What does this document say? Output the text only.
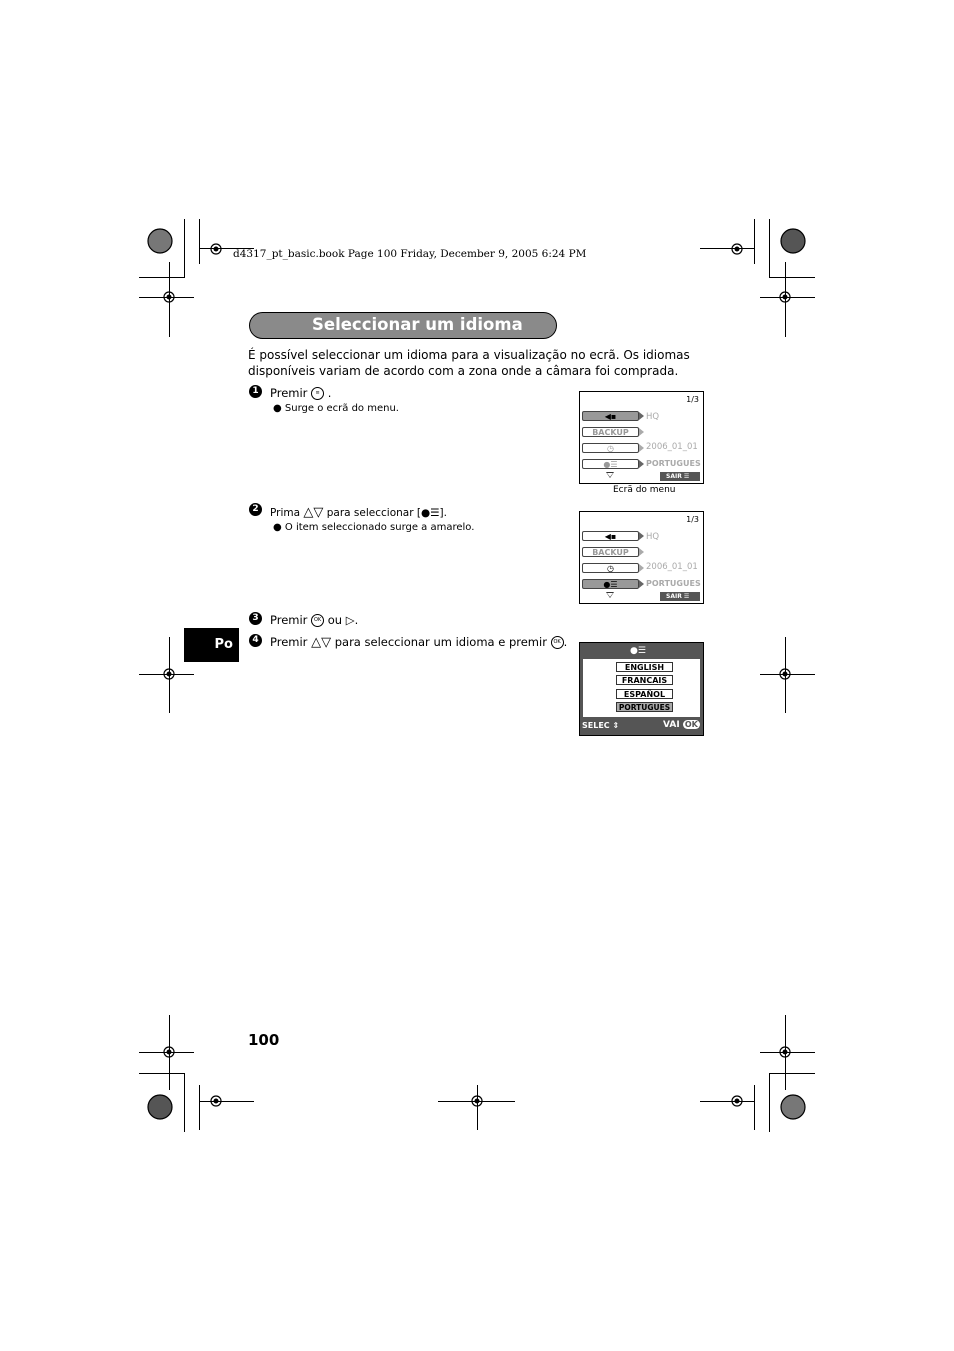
d4317_pt_basic.book Page 100 Friday, December 9, 2005 6:24 PM
Seleccionar um idioma
É possível seleccionar um idioma para a visualização no ecrã. Os idiomas disponíveis variam de acordo com a zona onde a câmara foi comprada.
1 Premir ≡ .
● Surge o ecrã do menu.
1/3
◀▪	HQ
BACKUP
◷	2006_01_01
●☰	PORTUGUES
SAIR ☰
Ecrã do menu
2	Prima △▽ para seleccionar [●☰].
● O item seleccionado surge a amarelo.
1/3
◀▪	HQ
BACKUP
◷	2006_01_01
●☰	PORTUGUES
SAIR ☰
3 Premir OK ou ▷.
4 Premir △▽ para seleccionar um idioma e premir OK .
●☰
ENGLISH
FRANCAIS
ESPAÑOL
PORTUGUES
SELEC ⇕	VAI OK
Po
100
